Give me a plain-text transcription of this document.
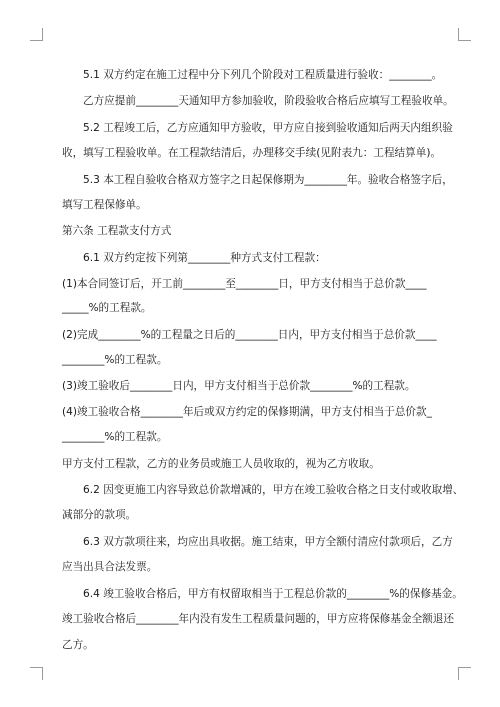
5.1 双方约定在施工过程中分下列几个阶段对工程质量进行验收：________。
乙方应提前________天通知甲方参加验收，阶段验收合格后应填写工程验收单。
5.2 工程竣工后，乙方应通知甲方验收，甲方应自接到验收通知后两天内组织验
收，填写工程验收单。在工程款结清后，办理移交手续(见附表九：工程结算单)。
5.3 本工程自验收合格双方签字之日起保修期为________年。验收合格签字后，
填写工程保修单。
第六条 工程款支付方式
6.1 双方约定按下列第________种方式支付工程款：
(1)本合同签订后，开工前________至________日，甲方支付相当于总价款____
_____%的工程款。
(2)完成________%的工程量之日后的________日内，甲方支付相当于总价款____
________%的工程款。
(3)竣工验收后________日内，甲方支付相当于总价款________%的工程款。
(4)竣工验收合格________年后或双方约定的保修期满，甲方支付相当于总价款_
________%的工程款。
甲方支付工程款，乙方的业务员或施工人员收取的，视为乙方收取。
6.2 因变更施工内容导致总价款增减的，甲方在竣工验收合格之日支付或收取增、
减部分的款项。
6.3 双方款项往来，均应出具收据。施工结束，甲方全额付清应付款项后，乙方
应当出具合法发票。
6.4 竣工验收合格后，甲方有权留取相当于工程总价款的________%的保修基金。
竣工验收合格后________年内没有发生工程质量问题的，甲方应将保修基金全额退还
乙方。
